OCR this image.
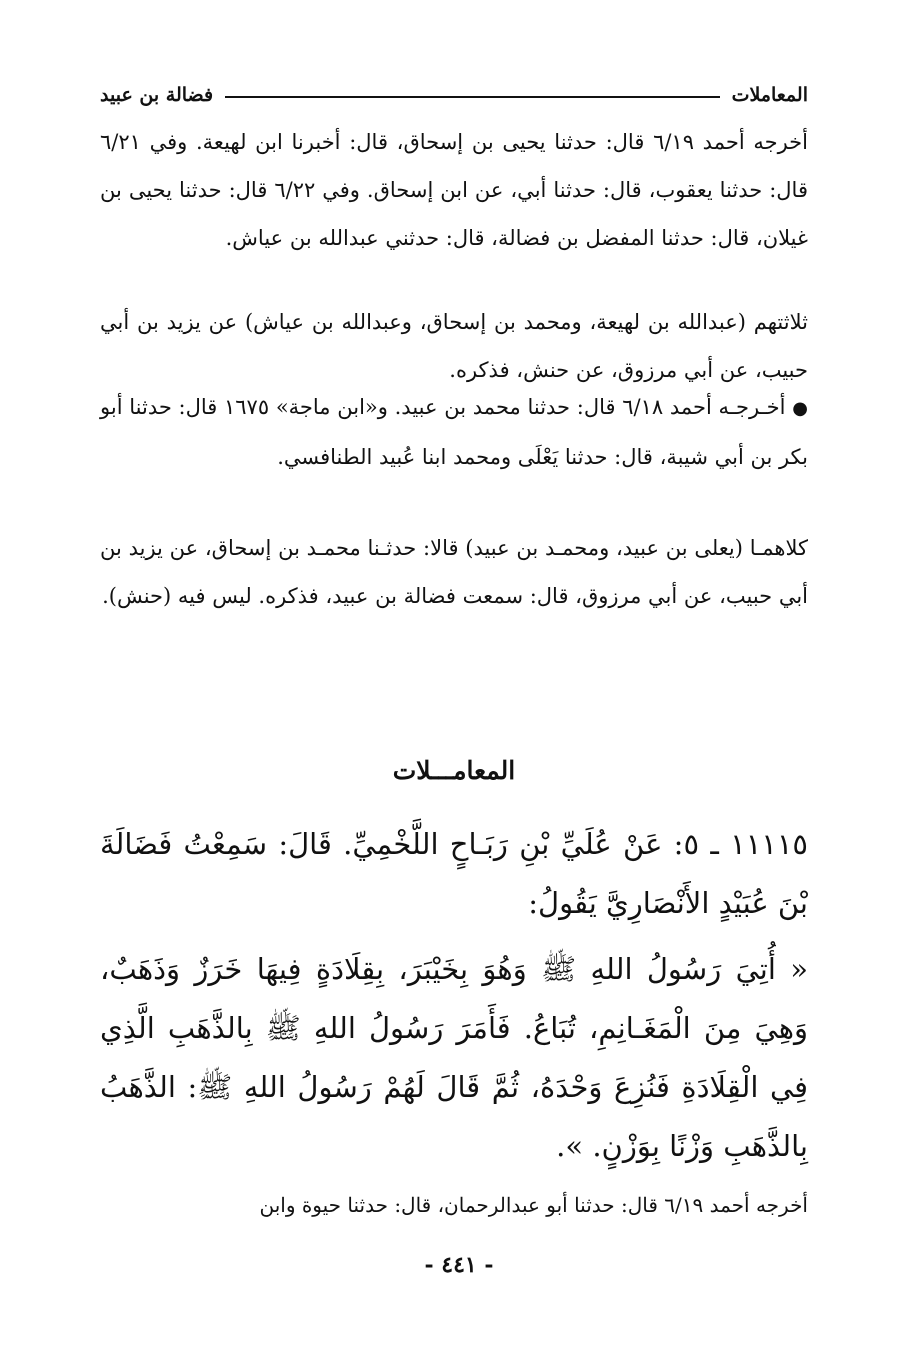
المعاملات
فضالة بن عبيد
أخرجه أحمد ٦/١٩ قال: حدثنا يحيى بن إسحاق، قال: أخبرنا ابن لهيعة. وفي ٦/٢١ قال: حدثنا يعقوب، قال: حدثنا أبي، عن ابن إسحاق. وفي ٦/٢٢ قال: حدثنا يحيى بن غيلان، قال: حدثنا المفضل بن فضالة، قال: حدثني عبدالله بن عياش.
ثلاثتهم (عبدالله بن لهيعة، ومحمد بن إسحاق، وعبدالله بن عياش) عن يزيد بن أبي حبيب، عن أبي مرزوق، عن حنش، فذكره.
● أخـرجـه أحمد ٦/١٨ قال: حدثنا محمد بن عبيد. و«ابن ماجة» ١٦٧٥ قال: حدثنا أبو بكر بن أبي شيبة، قال: حدثنا يَعْلَى ومحمد ابنا عُبيد الطنافسي.
كلاهمـا (يعلى بن عبيد، ومحمـد بن عبيد) قالا: حدثـنا محمـد بن إسحاق، عن يزيد بن أبي حبيب، عن أبي مرزوق، قال: سمعت فضالة بن عبيد، فذكره. ليس فيه (حنش).
المعامـــلات
١١١١٥ ـ ٥: عَنْ عُلَيِّ بْنِ رَبَـاحٍ اللَّخْمِيِّ. قَالَ: سَمِعْتُ فَضَالَةَ بْنَ عُبَيْدٍ الأَنْصَارِيَّ يَقُولُ:
« أُتِيَ رَسُولُ اللهِ ﷺ وَهُوَ بِخَيْبَرَ، بِقِلَادَةٍ فِيهَا خَرَزٌ وَذَهَبٌ، وَهِيَ مِنَ الْمَغَـانِمِ، تُبَاعُ. فَأَمَرَ رَسُولُ اللهِ ﷺ بِالذَّهَبِ الَّذِي فِي الْقِلَادَةِ فَنُزِعَ وَحْدَهُ، ثُمَّ قَالَ لَهُمْ رَسُولُ اللهِ ﷺ: الذَّهَبُ بِالذَّهَبِ وَزْنًا بِوَزْنٍ. ».
أخرجه أحمد ٦/١٩ قال: حدثنا أبو عبدالرحمان، قال: حدثنا حيوة وابن
- ٤٤١ -
